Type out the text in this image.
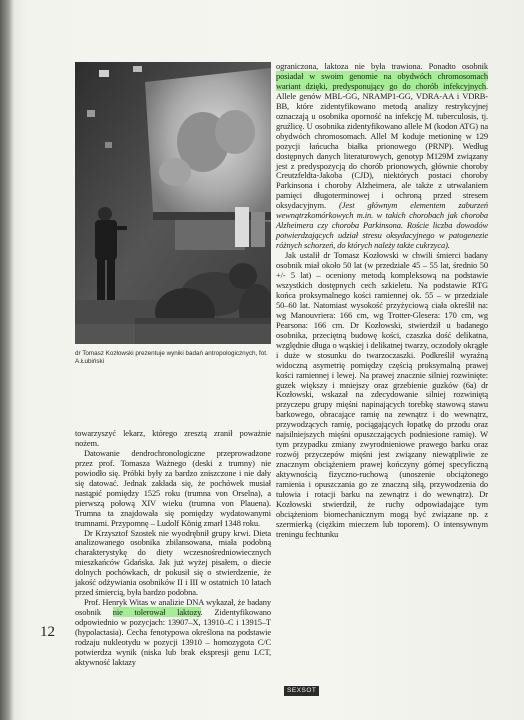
dr Tomasz Kozłowski prezentuje wyniki badań antropologicznych, fot. A.Łubiński

towarzyszyć lekarz, którego zresztą zranił poważnie nożem.

Datowanie dendrochronologiczne przeprowadzone przez prof. Tomasza Ważnego (deski z trumny) nie powiodło się. Próbki były za bardzo zniszczone i nie dały się datować. Jednak zakłada się, że pochówek musiał nastąpić pomiędzy 1525 roku (trumna von Orselna), a pierwszą połową XIV wieku (trumna von Plauena). Trumna ta znajdowała się pomiędzy wydatowanymi trumnami. Przypomnę – Ludolf König zmarł 1348 roku.

Dr Krzysztof Szostek nie wyodrębnił grupy krwi. Dieta analizowanego osobnika zbilansowana, miała podobną charakterystykę do diety wczesnośredniowiecznych mieszkańców Gdańska. Jak już wyżej pisałem, o diecie dolnych pochówkach, dr pokusił się o stwierdzenie, że jakość odżywiania osobników II i III w ostatnich 10 latach przed śmiercią, była bardzo podobna.

Prof. Henryk Witas w analizie DNA wykazał, że badany osobnik nie tolerował laktozy. Zidentyfikowano odpowiednio w pozycjach: 13907–X, 13910–C i 13915–T (hypolactasia). Cecha fenotypowa określona na podstawie rodzaju nukleotydu w pozycji 13910 – homozygota C/C potwierdza wynik (niska lub brak ekspresji genu LCT, aktywność laktazy

ograniczona, laktoza nie była trawiona. Ponadto osobnik posiadał w swoim genomie na obydwóch chromosomach wariant dzięki, predysponujący go do chorób infekcyjnych. Allele genów MBL-GG, NRAMP1-GG, VDRA-AA i VDRB-BB, które zidentyfikowano metodą analizy restrykcyjnej oznaczają u osobnika oporność na infekcję M. tuberculosis, tj. gruźlicę. U osobnika zidentyfikowano allele M (kodon ATG) na obydwóch chromosomach. Allel M koduje metioninę w 129 pozycji łańcucha białka prionowego (PRNP). Według dostępnych danych literaturowych, genotyp M129M związany jest z predyspozycją do chorób prionowych, głównie choroby Creutzfeldta-Jakoba (CJD), niektórych postaci choroby Parkinsona i choroby Alzheimera, ale także z utrwalaniem pamięci długoterminowej i ochroną przed stresem oksydacyjnym. (Jest głównym elementem zaburzeń wewnątrzkomórkowych m.in. w takich chorobach jak choroba Alzheimera czy choroba Parkinsona. Roście liczba dowodów potwierdzających udział stresu oksydacyjnego w patogenezie różnych schorzeń, do których należy także cukrzyca).

Jak ustalił dr Tomasz Kozłowski w chwili śmierci badany osobnik miał około 50 lat (w przedziale 45 – 55 lat, średnio 50 +/- 5 lat) – oceniony metodą kompleksową na podstawie wszystkich dostępnych cech szkieletu. Na podstawie RTG końca proksymalnego kości ramiennej ok. 55 – w przedziale 50–60 lat. Natomiast wysokość przyżyciową ciała określił na: wg Manouvriera: 166 cm, wg Trotter-Glesera: 170 cm, wg Pearsona: 166 cm. Dr Kozłowski, stwierdził u badanego osobnika, przeciętną budowę kości, czaszka dość delikatna, względnie długa o wąskiej i delikatnej twarzy, oczodoły okrągłe i duże w stosunku do twarzoczaszki. Podkreślił wyraźną widoczną asymetrię pomiędzy częścią proksymalną prawej kości ramiennej i lewej. Na prawej znacznie silniej rozwinięte: guzek większy i mniejszy oraz grzebienie guzków (6a) dr Kozłowski, wskazał na zdecydowanie silniej rozwiniętą przyczepu grupy mięśni napinających torebkę stawową stawu barkowego, obracające ramię na zewnątrz i do wewnątrz, przywodzących ramię, pociągających łopatkę do przodu oraz najsilniejszych mięśni opuszczających podniesione ramię). W tym przypadku zmiany zwyrodnieniowe prawego barku oraz rozwój przyczepów mięśni jest związany niewątpliwie ze znacznym obciążeniem prawej kończyny górnej specyficzną aktywnością fizyczno-ruchową (unoszenie obciążonego ramienia i opuszczania go ze znaczną siłą, przywodzenia do tułowia i rotacji barku na zewnątrz i do wewnątrz). Dr Kozłowski stwierdził, że ruchy odpowiadające tym obciążeniom biomechanicznym mogą być związane np. z szermierką (ciężkim mieczem lub toporem). O intensywnym treningu fechtunku

12
SEXSOT
